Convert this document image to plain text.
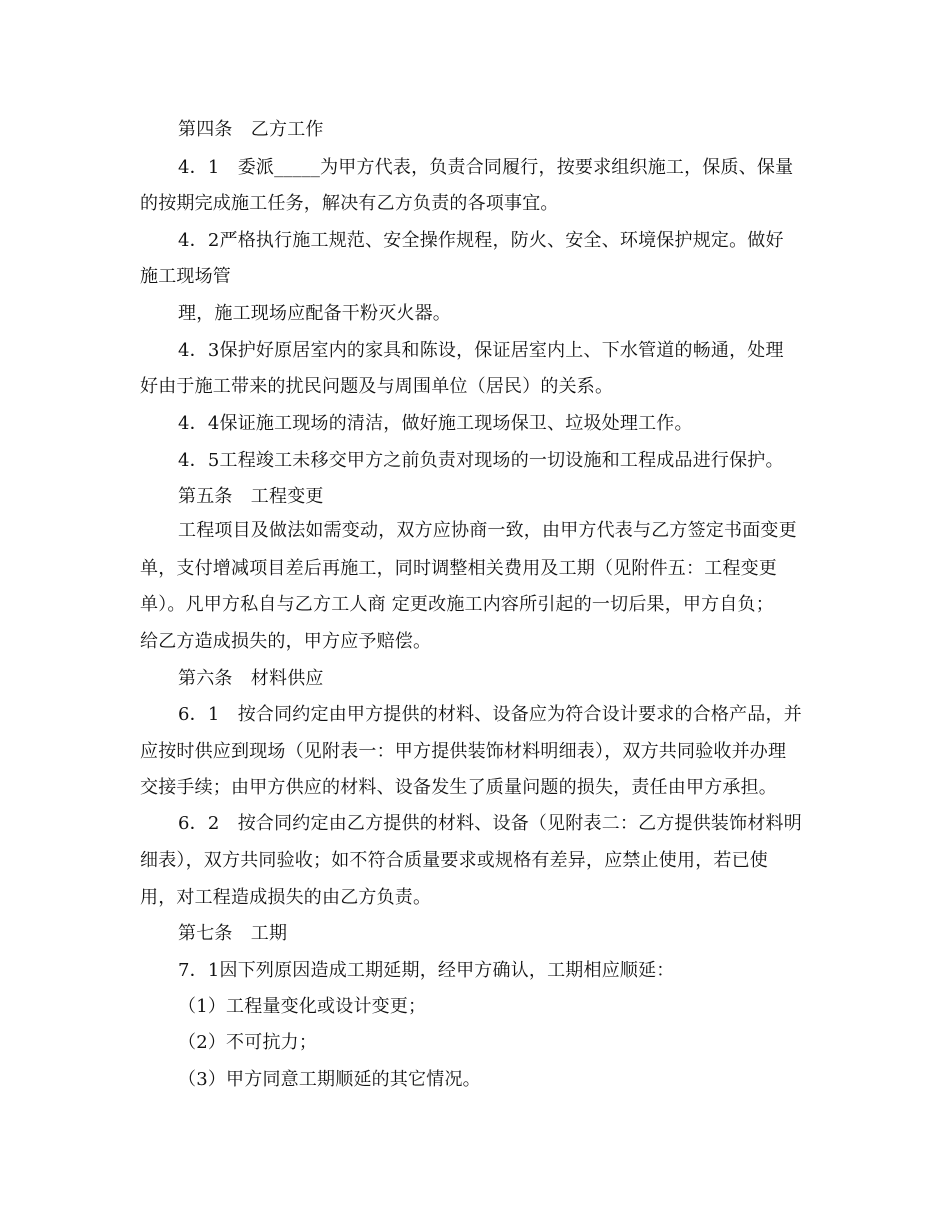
第四条　乙方工作
4．1　委派_____为甲方代表，负责合同履行，按要求组织施工，保质、保量
的按期完成施工任务，解决有乙方负责的各项事宜。
4．2严格执行施工规范、安全操作规程，防火、安全、环境保护规定。做好
施工现场管
理，施工现场应配备干粉灭火器。
4．3保护好原居室内的家具和陈设，保证居室内上、下水管道的畅通，处理
好由于施工带来的扰民问题及与周围单位（居民）的关系。
4．4保证施工现场的清洁，做好施工现场保卫、垃圾处理工作。
4．5工程竣工未移交甲方之前负责对现场的一切设施和工程成品进行保护。
第五条　工程变更
工程项目及做法如需变动，双方应协商一致，由甲方代表与乙方签定书面变更
单，支付增减项目差后再施工，同时调整相关费用及工期（见附件五：工程变更
单）。凡甲方私自与乙方工人商 定更改施工内容所引起的一切后果，甲方自负；
给乙方造成损失的，甲方应予赔偿。
第六条　材料供应
6．1　按合同约定由甲方提供的材料、设备应为符合设计要求的合格产品，并
应按时供应到现场（见附表一：甲方提供装饰材料明细表），双方共同验收并办理
交接手续；由甲方供应的材料、设备发生了质量问题的损失，责任由甲方承担。
6．2　按合同约定由乙方提供的材料、设备（见附表二：乙方提供装饰材料明
细表），双方共同验收；如不符合质量要求或规格有差异，应禁止使用，若已使
用，对工程造成损失的由乙方负责。
第七条　工期
7．1因下列原因造成工期延期，经甲方确认，工期相应顺延：
（1）工程量变化或设计变更；
（2）不可抗力；
（3）甲方同意工期顺延的其它情况。
